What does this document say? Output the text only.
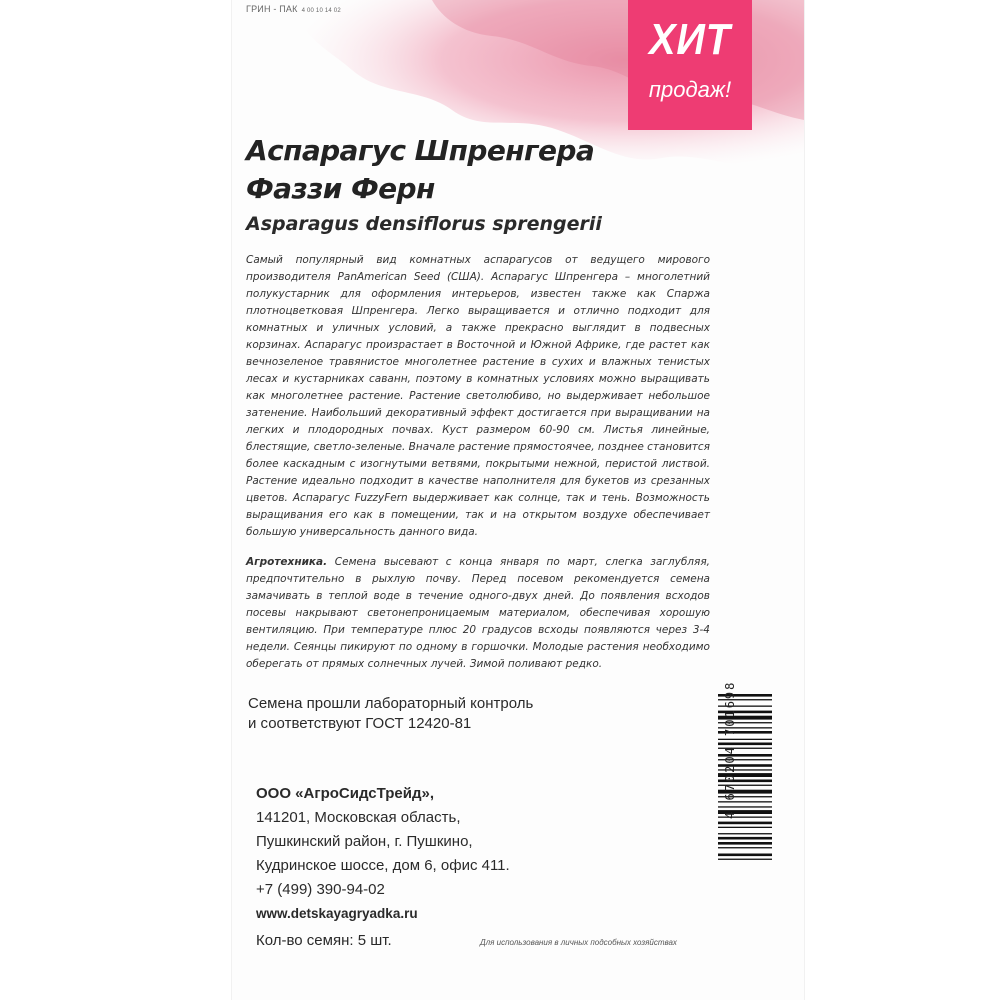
ГРИН - ПАК 4 00 10 14 02
ХИТ
продаж!
Аспарагус Шпренгера
Фаззи Ферн
Asparagus densiflorus sprengerii

Самый популярный вид комнатных аспарагусов от ведущего мирового производителя PanAmerican Seed (США). Аспарагус Шпренгера – многолетний полукустарник для оформления интерьеров, известен также как Спаржа плотноцветковая Шпренгера. Легко выращивается и отлично подходит для комнатных и уличных условий, а также прекрасно выглядит в подвесных корзинах. Аспарагус произрастает в Восточной и Южной Африке, где растет как вечнозеленое травянистое многолетнее растение в сухих и влажных тенистых лесах и кустарниках саванн, поэтому в комнатных условиях можно выращивать как многолетнее растение. Растение светолюбиво, но выдерживает небольшое затенение. Наибольший декоративный эффект достигается при выращивании на легких и плодородных почвах. Куст размером 60-90 см. Листья линейные, блестящие, светло-зеленые. Вначале растение прямостоячее, позднее становится более каскадным с изогнутыми ветвями, покрытыми нежной, перистой листвой. Растение идеально подходит в качестве наполнителя для букетов из срезанных цветов. Аспарагус FuzzyFern выдерживает как солнце, так и тень. Возможность выращивания его как в помещении, так и на открытом воздухе обеспечивает большую универсальность данного вида.

Агротехника. Семена высевают с конца января по март, слегка заглубляя, предпочтительно в рыхлую почву. Перед посевом рекомендуется семена замачивать в теплой воде в течение одного-двух дней. До появления всходов посевы накрывают светонепроницаемым материалом, обеспечивая хорошую вентиляцию. При температуре плюс 20 градусов всходы появляются через 3-4 недели. Сеянцы пикируют по одному в горшочки. Молодые растения необходимо оберегать от прямых солнечных лучей. Зимой поливают редко.

Семена прошли лабораторный контроль
и соответствуют ГОСТ 12420-81
ООО «АгроСидсТрейд»,
141201, Московская область,
Пушкинский район, г. Пушкино,
Кудринское шоссе, дом 6, офис 411.
+7 (499) 390-94-02
www.detskayagryadka.ru
Кол-во семян: 5 шт.	Для использования в личных подсобных хозяйствах
4 670204 701698
